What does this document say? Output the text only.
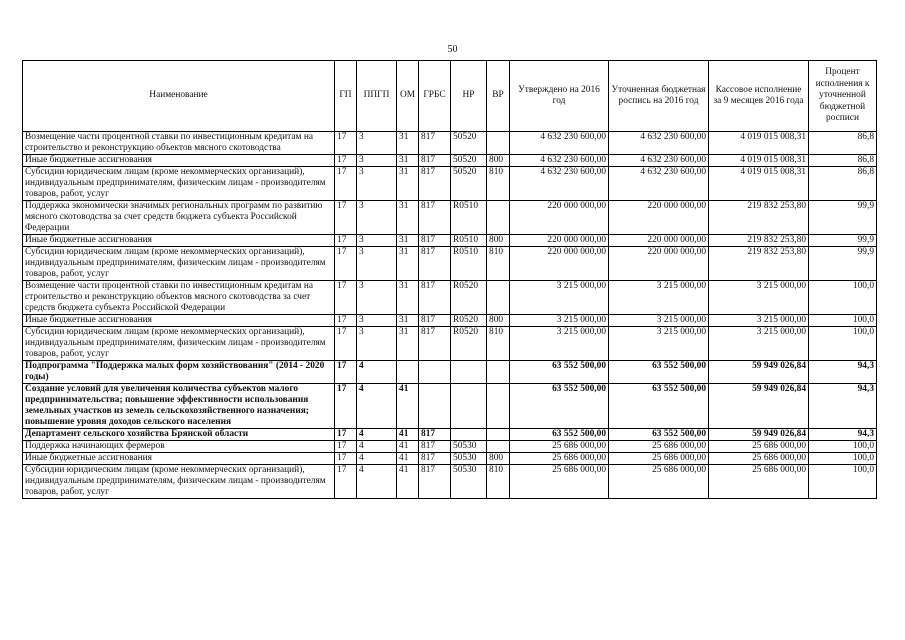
50
Наименование	ГП	ППГП	ОМ	ГРБС	НР	ВР	Утверждено на 2016 год	Уточненная бюджетная роспись на 2016 год	Кассовое исполнение за 9 месяцев 2016 года	Процент исполнения к уточненной бюджетной росписи
Возмещение части процентной ставки по инвестиционным кредитам на строительство и реконструкцию объектов мясного скотоводства	17	3	31	817	50520		4 632 230 600,00	4 632 230 600,00	4 019 015 008,31	86,8
Иные бюджетные ассигнования	17	3	31	817	50520	800	4 632 230 600,00	4 632 230 600,00	4 019 015 008,31	86,8
Субсидии юридическим лицам (кроме некоммерческих организаций), индивидуальным предпринимателям, физическим лицам - производителям товаров, работ, услуг	17	3	31	817	50520	810	4 632 230 600,00	4 632 230 600,00	4 019 015 008,31	86,8
Поддержка экономически значимых региональных программ по развитию мясного скотоводства за счет средств бюджета субъекта Российской Федерации	17	3	31	817	R0510		220 000 000,00	220 000 000,00	219 832 253,80	99,9
Иные бюджетные ассигнования	17	3	31	817	R0510	800	220 000 000,00	220 000 000,00	219 832 253,80	99,9
Субсидии юридическим лицам (кроме некоммерческих организаций), индивидуальным предпринимателям, физическим лицам - производителям товаров, работ, услуг	17	3	31	817	R0510	810	220 000 000,00	220 000 000,00	219 832 253,80	99,9
Возмещение части процентной ставки по инвестиционным кредитам на строительство и реконструкцию объектов мясного скотоводства за счет средств бюджета субъекта Российской Федерации	17	3	31	817	R0520		3 215 000,00	3 215 000,00	3 215 000,00	100,0
Иные бюджетные ассигнования	17	3	31	817	R0520	800	3 215 000,00	3 215 000,00	3 215 000,00	100,0
Субсидии юридическим лицам (кроме некоммерческих организаций), индивидуальным предпринимателям, физическим лицам - производителям товаров, работ, услуг	17	3	31	817	R0520	810	3 215 000,00	3 215 000,00	3 215 000,00	100,0
Подпрограмма "Поддержка малых форм хозяйствования" (2014 - 2020 годы)	17	4					63 552 500,00	63 552 500,00	59 949 026,84	94,3
Создание условий для увеличения количества субъектов малого предпринимательства; повышение эффективности использования земельных участков из земель сельскохозяйственного назначения; повышение уровня доходов сельского населения	17	4	41				63 552 500,00	63 552 500,00	59 949 026,84	94,3
Департамент сельского хозяйства Брянской области	17	4	41	817			63 552 500,00	63 552 500,00	59 949 026,84	94,3
Поддержка начинающих фермеров	17	4	41	817	50530		25 686 000,00	25 686 000,00	25 686 000,00	100,0
Иные бюджетные ассигнования	17	4	41	817	50530	800	25 686 000,00	25 686 000,00	25 686 000,00	100,0
Субсидии юридическим лицам (кроме некоммерческих организаций), индивидуальным предпринимателям, физическим лицам - производителям товаров, работ, услуг	17	4	41	817	50530	810	25 686 000,00	25 686 000,00	25 686 000,00	100,0
